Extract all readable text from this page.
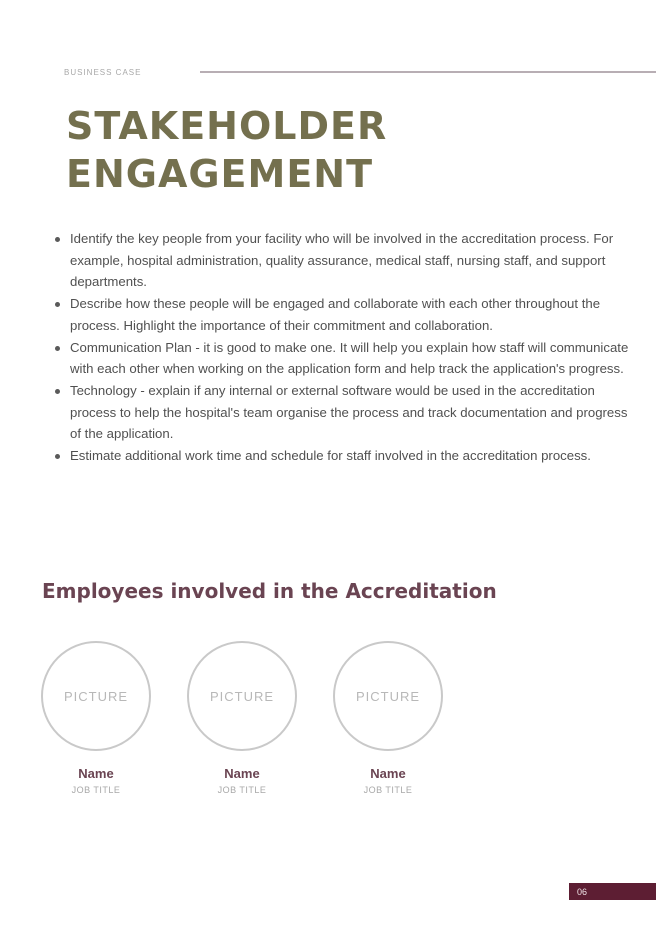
BUSINESS CASE
STAKEHOLDER
ENGAGEMENT
Identify the key people from your facility who will be involved in the accreditation process. For example, hospital administration, quality assurance, medical staff, nursing staff, and support departments.
Describe how these people will be engaged and collaborate with each other throughout the process. Highlight the importance of their commitment and collaboration.
Communication Plan - it is good to make one. It will help you explain how staff will communicate with each other when working on the application form and help track the application's progress.
Technology - explain if any internal or external software would be used in the accreditation process to help the hospital's team organise the process and track documentation and progress of the application.
Estimate additional work time and schedule for staff involved in the accreditation process.
Employees involved in the Accreditation
PICTURE
Name
JOB TITLE
PICTURE
Name
JOB TITLE
PICTURE
Name
JOB TITLE
06
